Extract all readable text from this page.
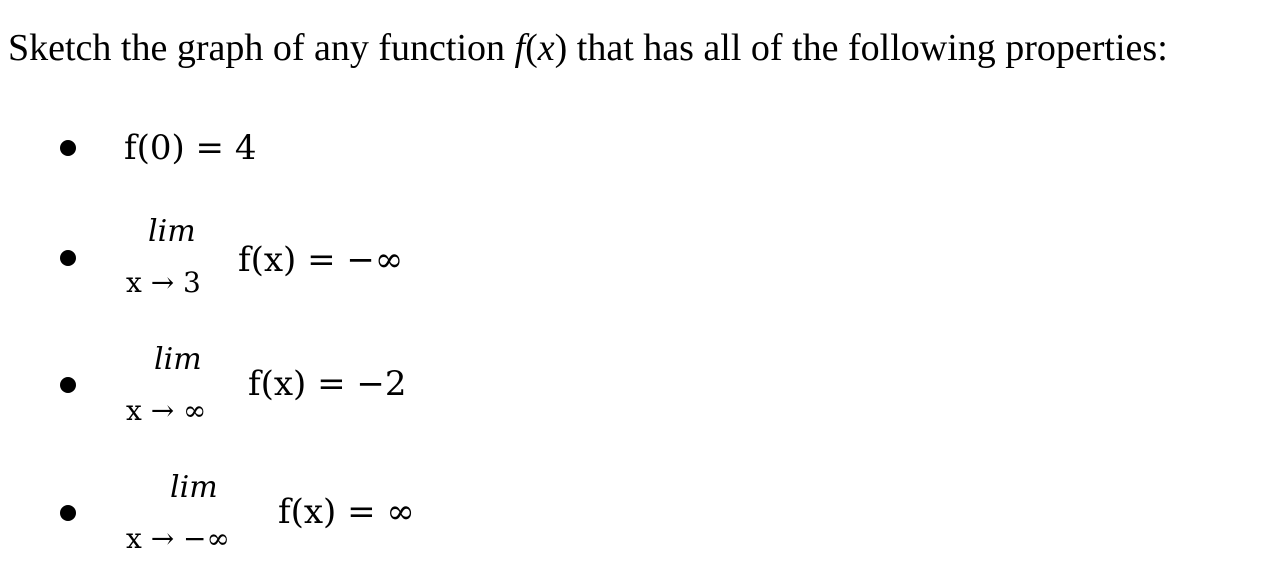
Sketch the graph of any function f(x) that has all of the following properties:
f(0) = 4
lim
x → 3
f(x) = −∞
lim
x → ∞
f(x) = −2
lim
x → −∞
f(x) = ∞
